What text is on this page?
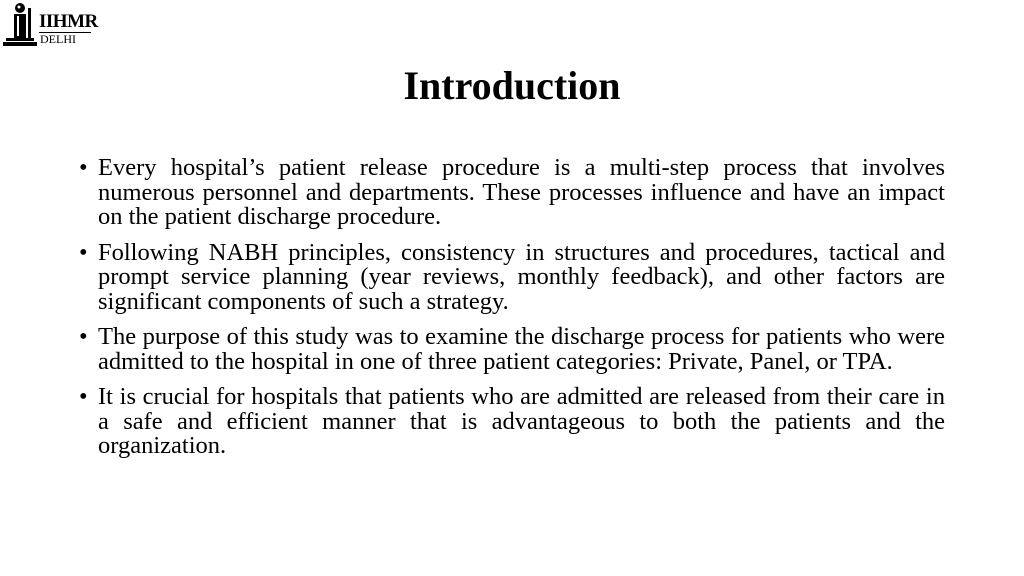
IIHMR
DELHI
Introduction
• Every hospital’s patient release procedure is a multi-step process that involves numerous personnel and departments. These processes influence and have an impact on the patient discharge procedure.
• Following NABH principles, consistency in structures and procedures, tactical and prompt service planning (year reviews, monthly feedback), and other factors are significant components of such a strategy.
• The purpose of this study was to examine the discharge process for patients who were admitted to the hospital in one of three patient categories: Private, Panel, or TPA.
• It is crucial for hospitals that patients who are admitted are released from their care in a safe and efficient manner that is advantageous to both the patients and the organization.
